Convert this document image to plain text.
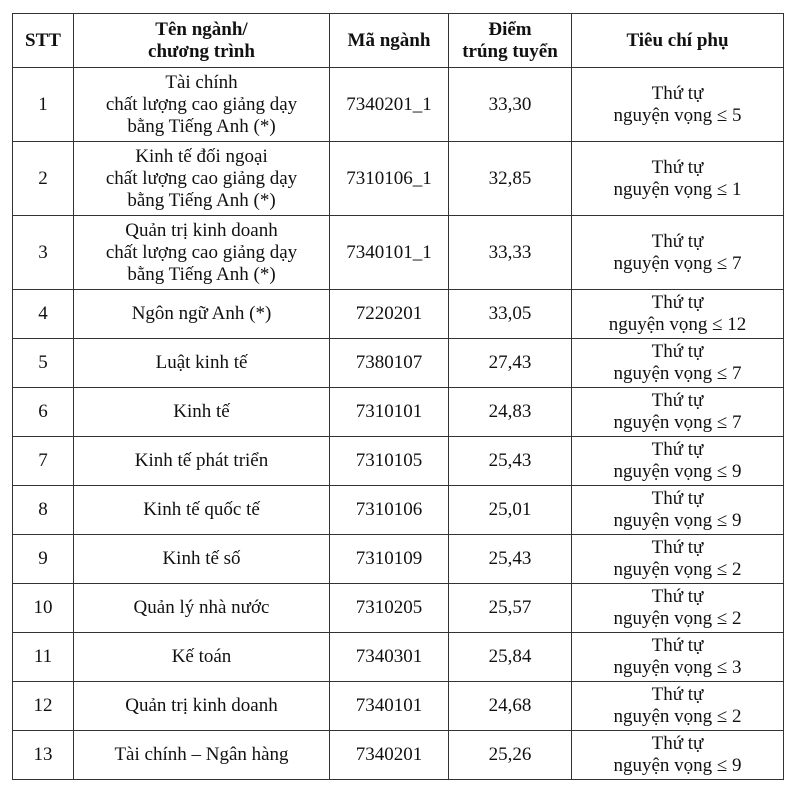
STT	Tên ngành/
chương trình	Mã ngành	Điểm
trúng tuyển	Tiêu chí phụ
1	Tài chính
chất lượng cao giảng dạy
bằng Tiếng Anh (*)	7340201_1	33,30	Thứ tự
nguyện vọng ≤ 5

2	Kinh tế đối ngoại
chất lượng cao giảng dạy
bằng Tiếng Anh (*)	7310106_1	32,85	Thứ tự
nguyện vọng ≤ 1

3	Quản trị kinh doanh
chất lượng cao giảng dạy
bằng Tiếng Anh (*)	7340101_1	33,33	Thứ tự
nguyện vọng ≤ 7

4	Ngôn ngữ Anh (*)	7220201	33,05	Thứ tự
nguyện vọng ≤ 12

5	Luật kinh tế	7380107	27,43	Thứ tự
nguyện vọng ≤ 7

6	Kinh tế	7310101	24,83	Thứ tự
nguyện vọng ≤ 7

7	Kinh tế phát triển	7310105	25,43	Thứ tự
nguyện vọng ≤ 9

8	Kinh tế quốc tế	7310106	25,01	Thứ tự
nguyện vọng ≤ 9

9	Kinh tế số	7310109	25,43	Thứ tự
nguyện vọng ≤ 2

10	Quản lý nhà nước	7310205	25,57	Thứ tự
nguyện vọng ≤ 2

11	Kế toán	7340301	25,84	Thứ tự
nguyện vọng ≤ 3

12	Quản trị kinh doanh	7340101	24,68	Thứ tự
nguyện vọng ≤ 2

13	Tài chính – Ngân hàng	7340201	25,26	Thứ tự
nguyện vọng ≤ 9
